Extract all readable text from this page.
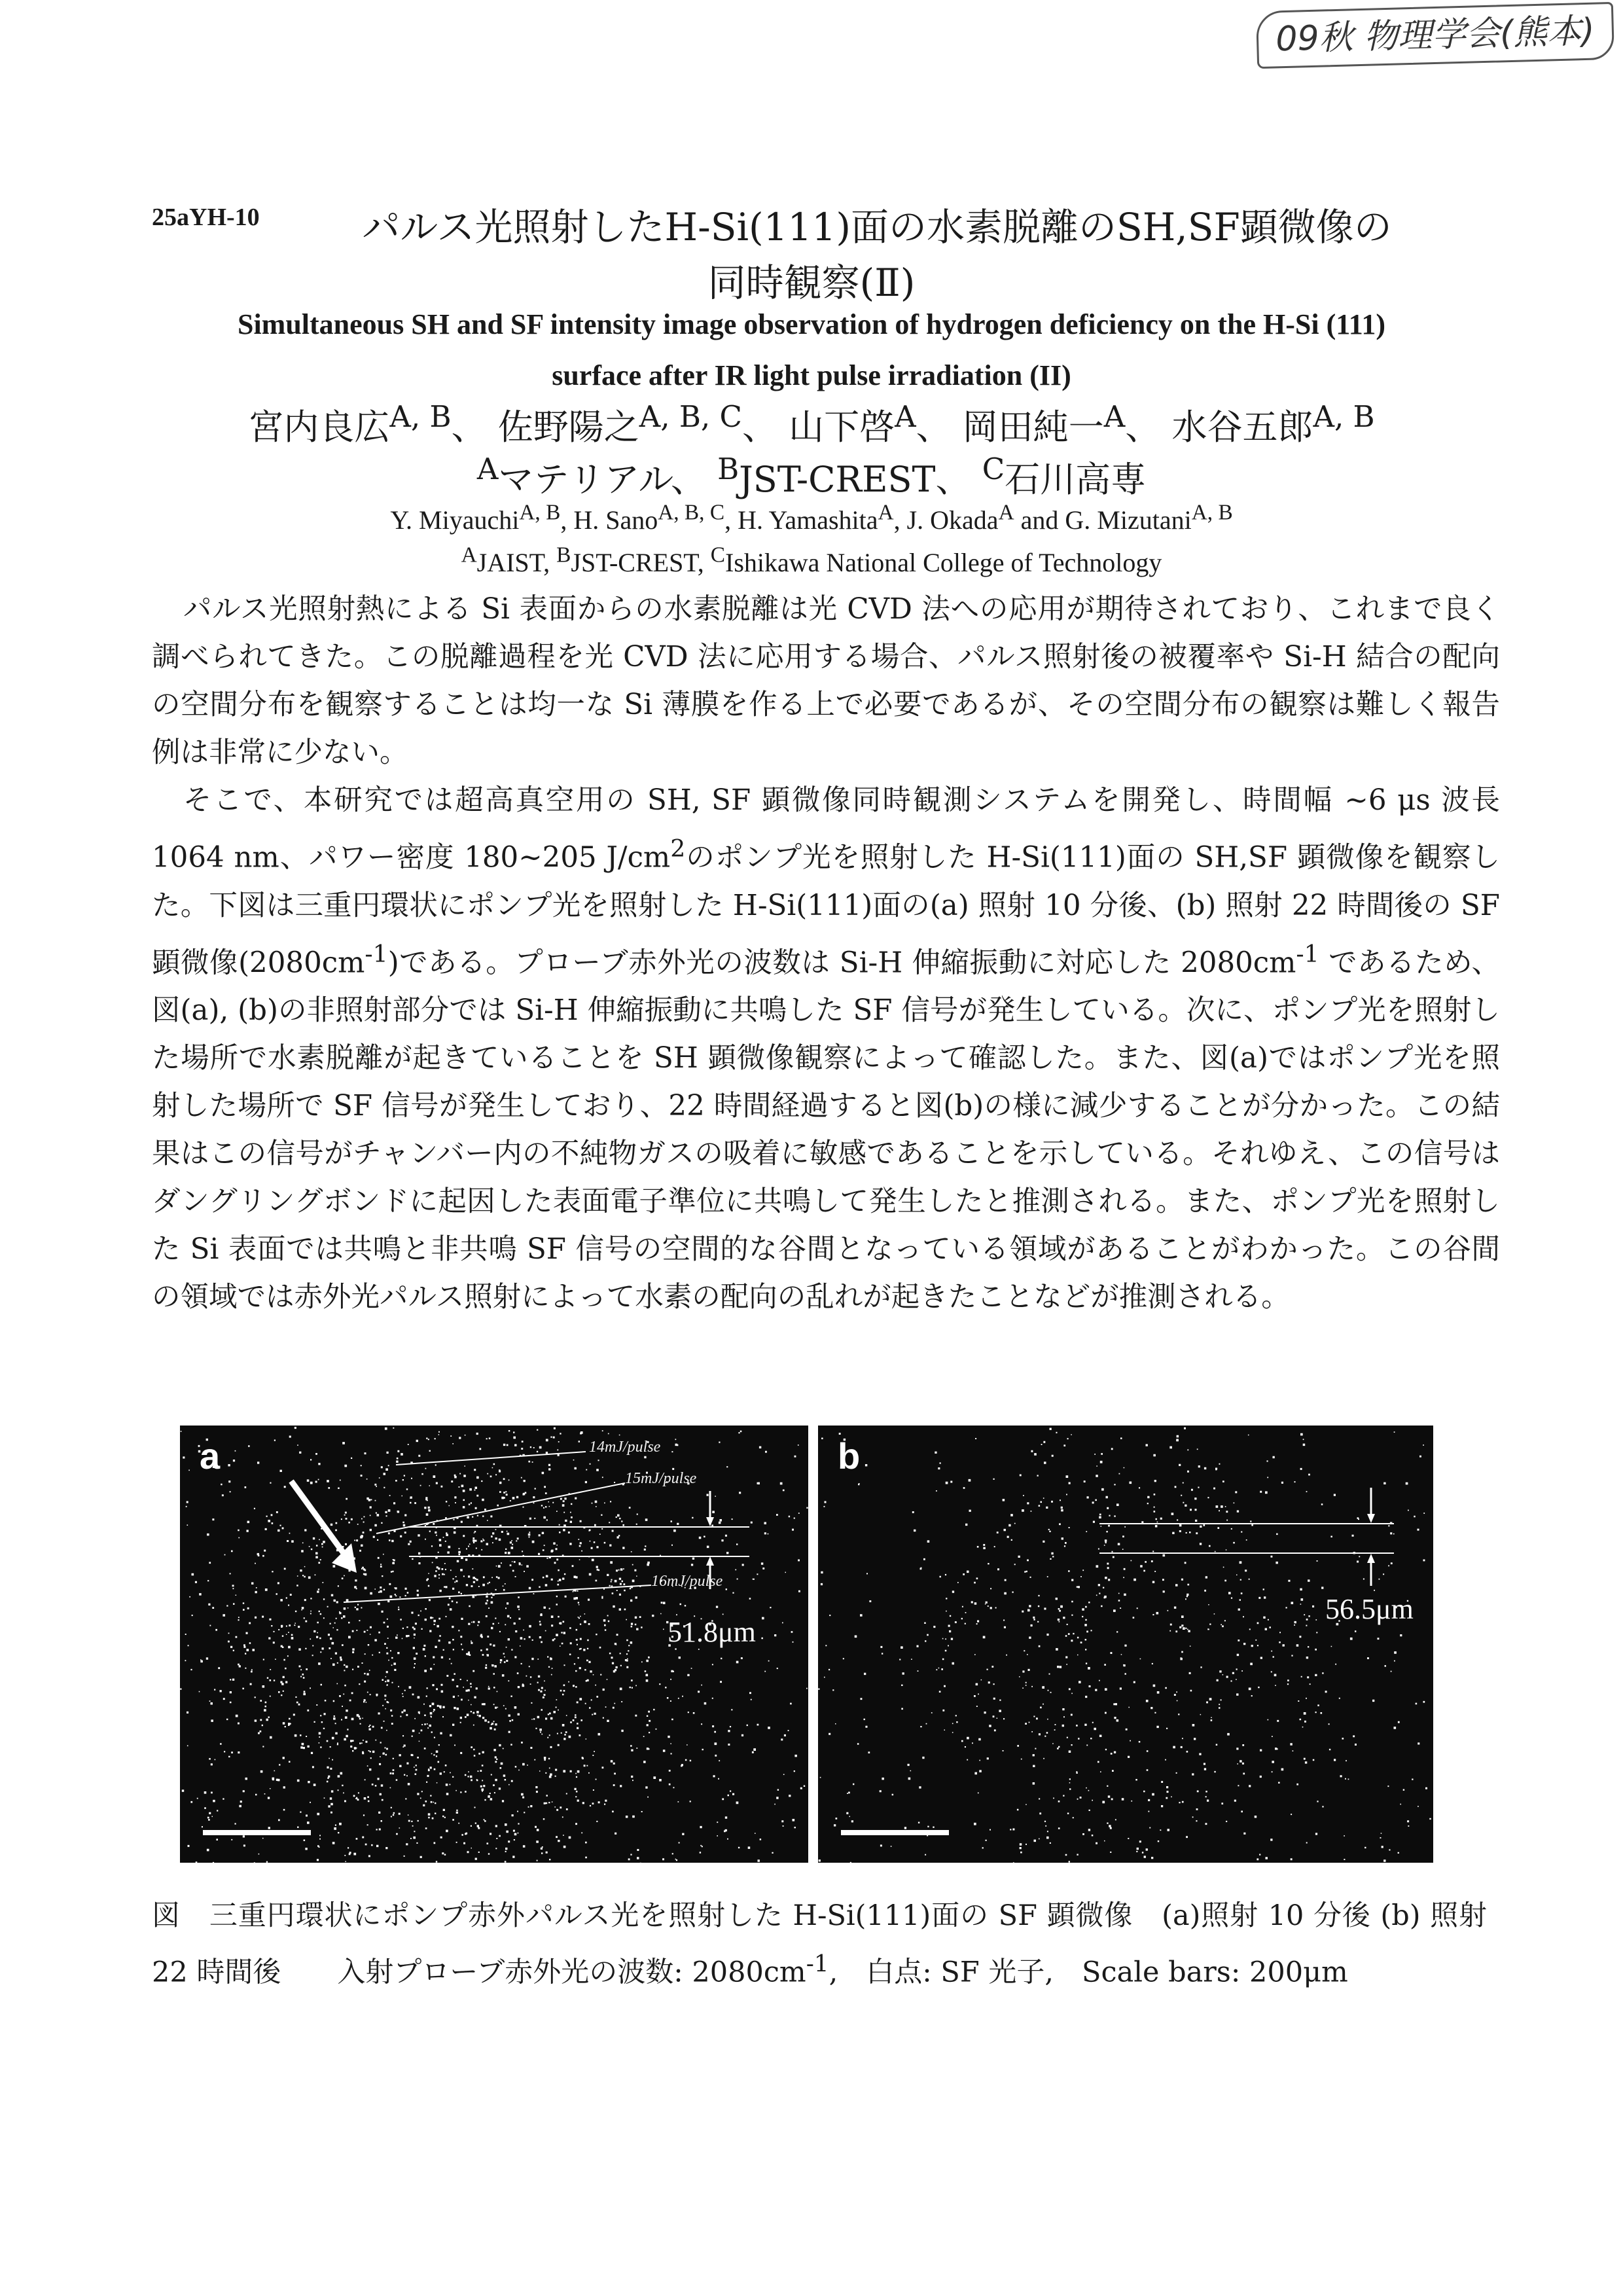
09秋 物理学会(熊本)
25aYH-10	パルス光照射したH-Si(111)面の水素脱離のSH,SF顕微像の
同時観察(Ⅱ)
Simultaneous SH and SF intensity image observation of hydrogen deficiency on the H-Si (111)
surface after IR light pulse irradiation (II)
宮内良広$^{A, B}$、 佐野陽之$^{A, B, C}$、 山下啓$^A$、 岡田純一$^A$、 水谷五郎$^{A, B}$
$^A$マテリアル、 $^B$JST-CREST、 $^C$石川高専
Y. Miyauchi$^{A, B}$, H. Sano$^{A, B, C}$, H. Yamashita$^A$, J. Okada$^A$ and G. Mizutani$^{A, B}$
$^A$JAIST, $^B$JST-CREST, $^C$Ishikawa National College of Technology

パルス光照射熱による Si 表面からの水素脱離は光 CVD 法への応用が期待されており、これまで良く調べられてきた。この脱離過程を光 CVD 法に応用する場合、パルス照射後の被覆率や Si-H 結合の配向の空間分布を観察することは均一な Si 薄膜を作る上で必要であるが、その空間分布の観察は難しく報告例は非常に少ない。

そこで、本研究では超高真空用の SH, SF 顕微像同時観測システムを開発し、時間幅 ~6 μs 波長 1064 nm、パワー密度 180~205 $J/cm^2$のポンプ光を照射した H-Si(111)面の SH,SF 顕微像を観察した。下図は三重円環状にポンプ光を照射した H-Si(111)面の(a) 照射 10 分後、(b) 照射 22 時間後の SF 顕微像$(2080cm^{-1})$である。プローブ赤外光の波数は Si-H 伸縮振動に対応した $2080cm^{-1}$ であるため、図(a), (b)の非照射部分では Si-H 伸縮振動に共鳴した SF 信号が発生している。次に、ポンプ光を照射した場所で水素脱離が起きていることを SH 顕微像観察によって確認した。また、図(a)ではポンプ光を照射した場所で SF 信号が発生しており、22 時間経過すると図(b)の様に減少することが分かった。この結果はこの信号がチャンバー内の不純物ガスの吸着に敏感であることを示している。それゆえ、この信号はダングリングボンドに起因した表面電子準位に共鳴して発生したと推測される。また、ポンプ光を照射した Si 表面では共鳴と非共鳴 SF 信号の空間的な谷間となっている領域があることがわかった。この谷間の領域では赤外光パルス照射によって水素の配向の乱れが起きたことなどが推測される。

a	14mJ/pulse
15mJ/pulse
16mJ/pulse
51.8μm
b
56.5μm

図　三重円環状にポンプ赤外パルス光を照射した H-Si(111)面の SF 顕微像　(a)照射 10 分後 (b) 照射 22 時間後　　入射プローブ赤外光の波数: $2080cm^{-1}$,　白点: SF 光子,　Scale bars: 200μm
